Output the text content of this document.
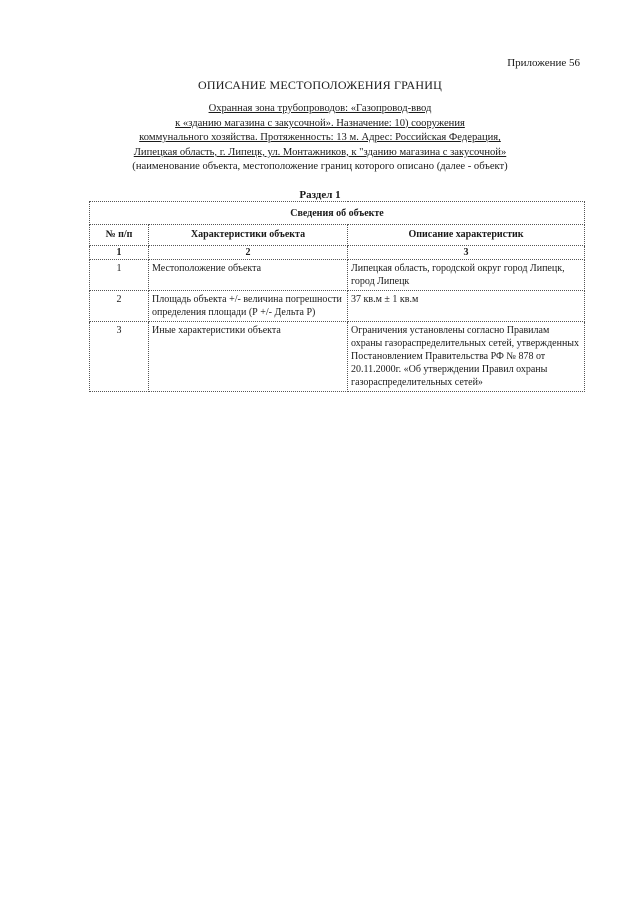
Приложение 56
ОПИСАНИЕ МЕСТОПОЛОЖЕНИЯ ГРАНИЦ
Охранная зона трубопроводов: «Газопровод-ввод
к «зданию магазина с закусочной». Назначение: 10) сооружения
коммунального хозяйства. Протяженность: 13 м. Адрес: Российская Федерация,
Липецкая область, г. Липецк, ул. Монтажников, к "зданию магазина с закусочной»
(наименование объекта, местоположение границ которого описано (далее - объект)
Раздел 1
Сведения об объекте		
№ п/п	Характеристики объекта	Описание характеристик
1	2	3
1	Местоположение объекта	Липецкая область, городской округ город Липецк, город Липецк
2	Площадь объекта +/- величина погрешности определения площади (Р +/- Дельта Р)	37 кв.м ± 1 кв.м
3	Иные характеристики объекта	Ограничения установлены согласно Правилам охраны газораспределительных сетей, утвержденных Постановлением Правительства РФ № 878 от 20.11.2000г. «Об утверждении Правил охраны газораспределительных сетей»
